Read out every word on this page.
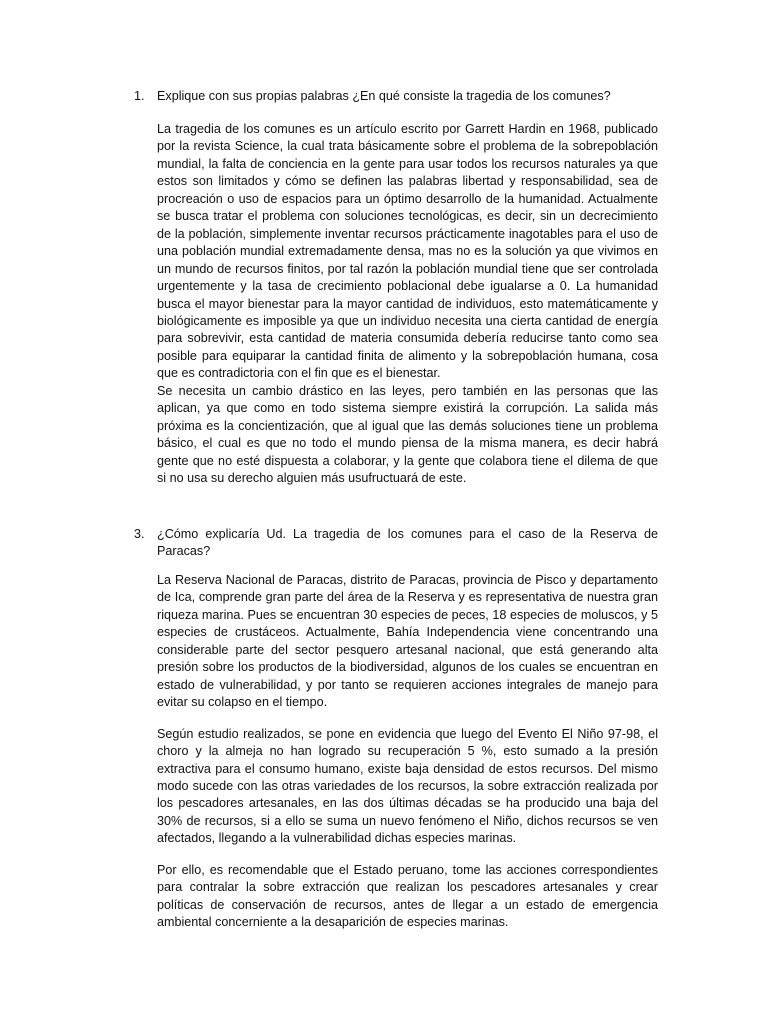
1. Explique con sus propias palabras ¿En qué consiste la tragedia de los comunes?

La tragedia de los comunes es un artículo escrito por Garrett Hardin en 1968, publicado por la revista Science, la cual trata básicamente sobre el problema de la sobrepoblación mundial, la falta de conciencia en la gente para usar todos los recursos naturales ya que estos son limitados y cómo se definen las palabras libertad y responsabilidad, sea de procreación o uso de espacios para un óptimo desarrollo de la humanidad. Actualmente se busca tratar el problema con soluciones tecnológicas, es decir, sin un decrecimiento de la población, simplemente inventar recursos prácticamente inagotables para el uso de una población mundial extremadamente densa, mas no es la solución ya que vivimos en un mundo de recursos finitos, por tal razón la población mundial tiene que ser controlada urgentemente y la tasa de crecimiento poblacional debe igualarse a 0. La humanidad busca el mayor bienestar para la mayor cantidad de individuos, esto matemáticamente y biológicamente es imposible ya que un individuo necesita una cierta cantidad de energía para sobrevivir, esta cantidad de materia consumida debería reducirse tanto como sea posible para equiparar la cantidad finita de alimento y la sobrepoblación humana, cosa que es contradictoria con el fin que es el bienestar.

Se necesita un cambio drástico en las leyes, pero también en las personas que las aplican, ya que como en todo sistema siempre existirá la corrupción. La salida más próxima es la concientización, que al igual que las demás soluciones tiene un problema básico, el cual es que no todo el mundo piensa de la misma manera, es decir habrá gente que no esté dispuesta a colaborar, y la gente que colabora tiene el dilema de que si no usa su derecho alguien más usufructuará de este.

3. ¿Cómo explicaría Ud. La tragedia de los comunes para el caso de la Reserva de Paracas?

La Reserva Nacional de Paracas, distrito de Paracas, provincia de Pisco y departamento de Ica, comprende gran parte del área de la Reserva y es representativa de nuestra gran riqueza marina. Pues se encuentran 30 especies de peces, 18 especies de moluscos, y 5 especies de crustáceos. Actualmente, Bahía Independencia viene concentrando una considerable parte del sector pesquero artesanal nacional, que está generando alta presión sobre los productos de la biodiversidad, algunos de los cuales se encuentran en estado de vulnerabilidad, y por tanto se requieren acciones integrales de manejo para evitar su colapso en el tiempo.

Según estudio realizados, se pone en evidencia que luego del Evento El Niño 97-98, el choro y la almeja no han logrado su recuperación 5 %, esto sumado a la presión extractiva para el consumo humano, existe baja densidad de estos recursos. Del mismo modo sucede con las otras variedades de los recursos, la sobre extracción realizada por los pescadores artesanales, en las dos últimas décadas se ha producido una baja del 30% de recursos, si a ello se suma un nuevo fenómeno el Niño, dichos recursos se ven afectados, llegando a la vulnerabilidad dichas especies marinas.

Por ello, es recomendable que el Estado peruano, tome las acciones correspondientes para contralar la sobre extracción que realizan los pescadores artesanales y crear políticas de conservación de recursos, antes de llegar a un estado de emergencia ambiental concerniente a la desaparición de especies marinas.
